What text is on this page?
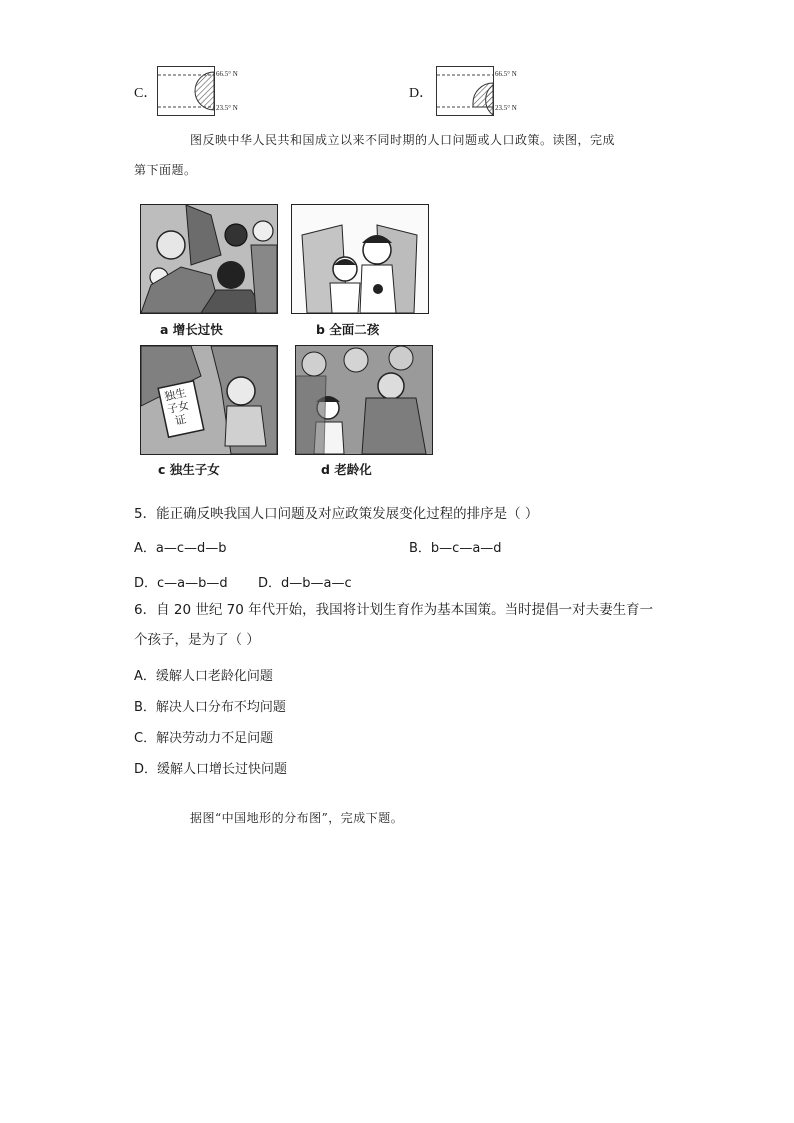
C．
66.5° N
23.5° N
D．
66.5° N
23.5° N
图反映中华人民共和国成立以来不同时期的人口问题或人口政策。读图，完成
第下面题。
a 增长过快	b 全面二孩
独生子女证
c 独生子女	d 老龄化
5．能正确反映我国人口问题及对应政策发展变化过程的排序是（ ）
A．a—c—d—b	B．b—c—a—d
D．c—a—b—d D．d—b—a—c
6．自 20 世纪 70 年代开始，我国将计划生育作为基本国策。当时提倡一对夫妻生育一
个孩子，是为了（ ）
A．缓解人口老龄化问题
B．解决人口分布不均问题
C．解决劳动力不足问题
D．缓解人口增长过快问题
据图“中国地形的分布图”，完成下题。
